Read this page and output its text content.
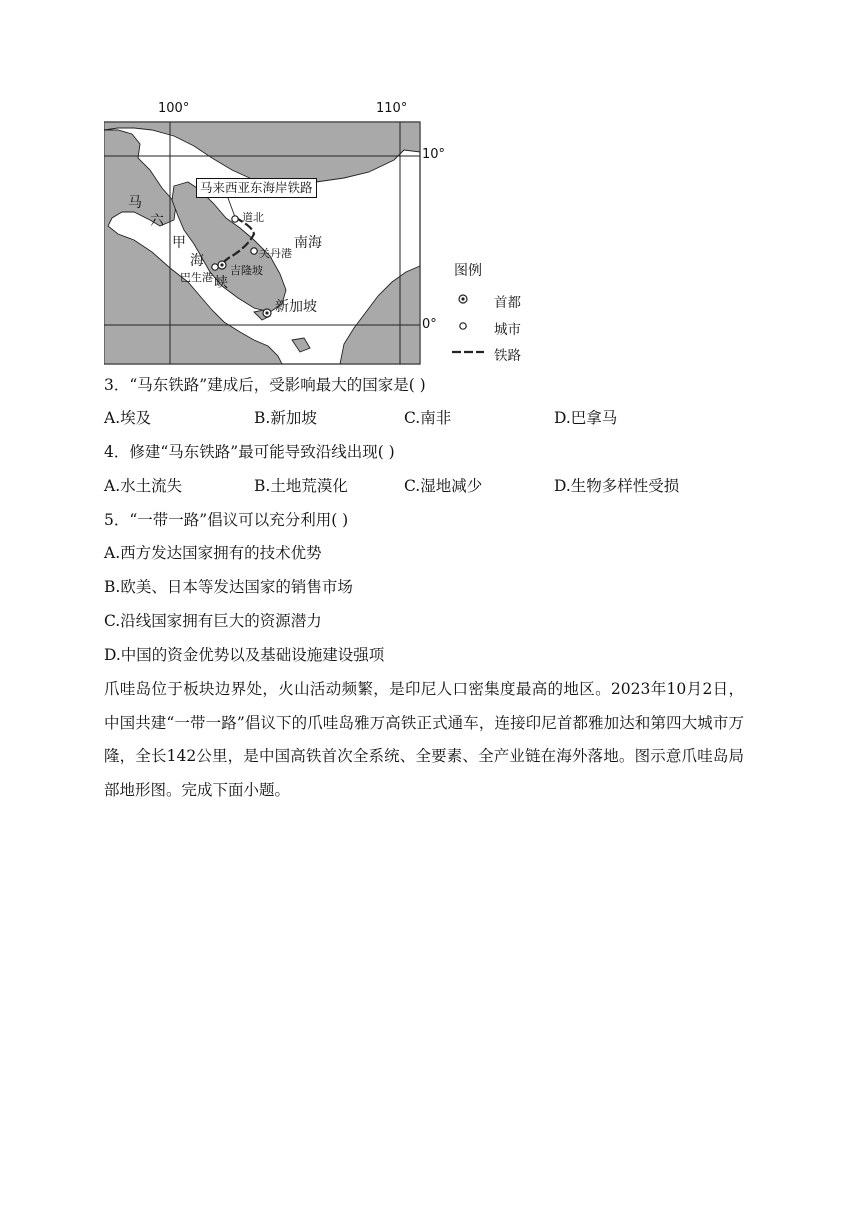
100°	110°
10°
0°
马来西亚东海岸铁路
马
六
甲
海
峡
南海
道北
关丹港
吉隆坡
巴生港
新加坡
图例
首都
城市
铁路
3．“马东铁路”建成后，受影响最大的国家是( )
A.埃及	B.新加坡	C.南非	D.巴拿马
4．修建“马东铁路”最可能导致沿线出现( )
A.水土流失	B.土地荒漠化	C.湿地减少	D.生物多样性受损
5．“一带一路”倡议可以充分利用( )
A.西方发达国家拥有的技术优势
B.欧美、日本等发达国家的销售市场
C.沿线国家拥有巨大的资源潜力
D.中国的资金优势以及基础设施建设强项
爪哇岛位于板块边界处，火山活动频繁，是印尼人口密集度最高的地区。2023年10月2日，中国共建“一带一路”倡议下的爪哇岛雅万高铁正式通车，连接印尼首都雅加达和第四大城市万隆，全长142公里，是中国高铁首次全系统、全要素、全产业链在海外落地。图示意爪哇岛局部地形图。完成下面小题。
